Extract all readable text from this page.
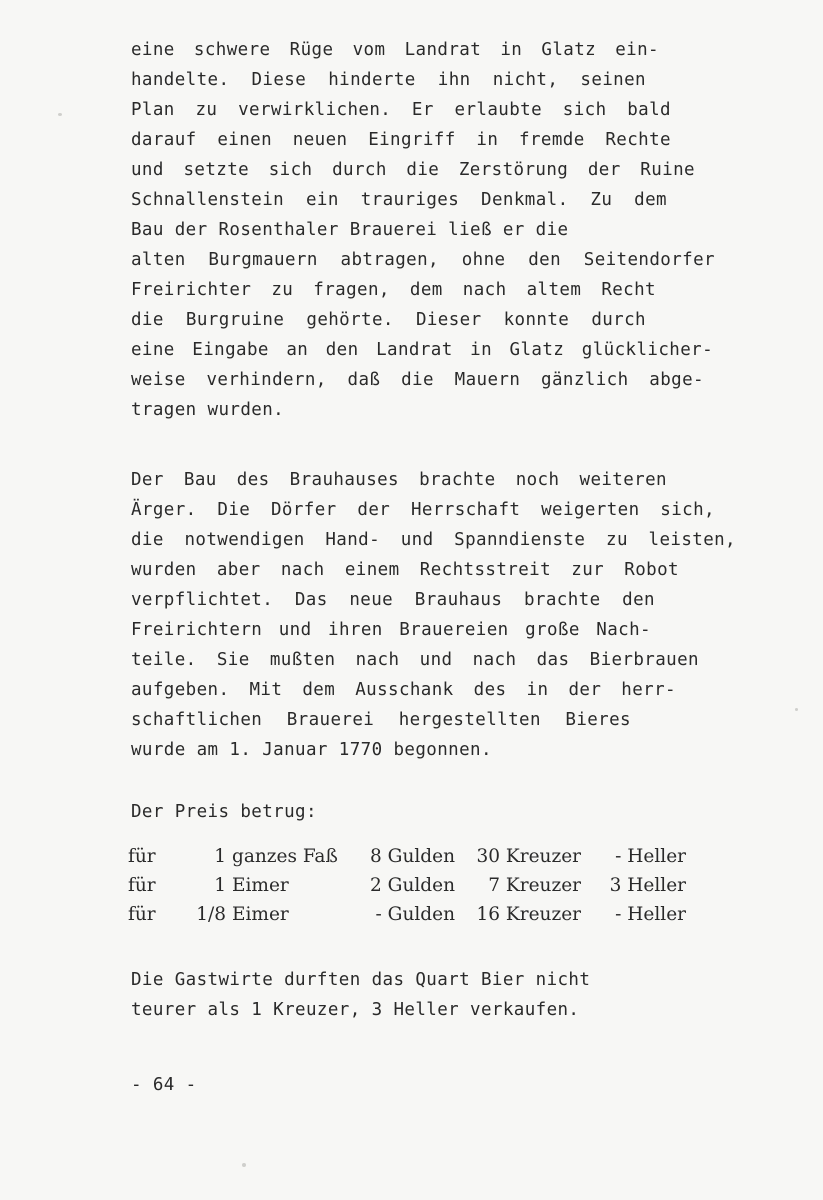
eine schwere Rüge vom Landrat in Glatz ein-
handelte. Diese hinderte ihn nicht, seinen
Plan zu verwirklichen. Er erlaubte sich bald
darauf einen neuen Eingriff in fremde Rechte
und setzte sich durch die Zerstörung der Ruine
Schnallenstein ein trauriges Denkmal. Zu dem
Bau der Rosenthaler Brauerei ließ er die
alten Burgmauern abtragen, ohne den Seitendorfer
Freirichter zu fragen, dem nach altem Recht
die Burgruine gehörte. Dieser konnte durch
eine Eingabe an den Landrat in Glatz glücklicher-
weise verhindern, daß die Mauern gänzlich abge-
tragen wurden.
Der Bau des Brauhauses brachte noch weiteren
Ärger. Die Dörfer der Herrschaft weigerten sich,
die notwendigen Hand- und Spanndienste zu leisten,
wurden aber nach einem Rechtsstreit zur Robot
verpflichtet. Das neue Brauhaus brachte den
Freirichtern und ihren Brauereien große Nach-
teile. Sie mußten nach und nach das Bierbrauen
aufgeben. Mit dem Ausschank des in der herr-
schaftlichen Brauerei hergestellten Bieres
wurde am 1. Januar 1770 begonnen.
Der Preis betrug:
für	1	ganzes Faß	8 Gulden	30 Kreuzer	- Heller
für	1	Eimer	2 Gulden	7 Kreuzer	3 Heller
für	1/8	Eimer	- Gulden	16 Kreuzer	- Heller
Die Gastwirte durften das Quart Bier nicht
teurer als 1 Kreuzer, 3 Heller verkaufen.
- 64 -
